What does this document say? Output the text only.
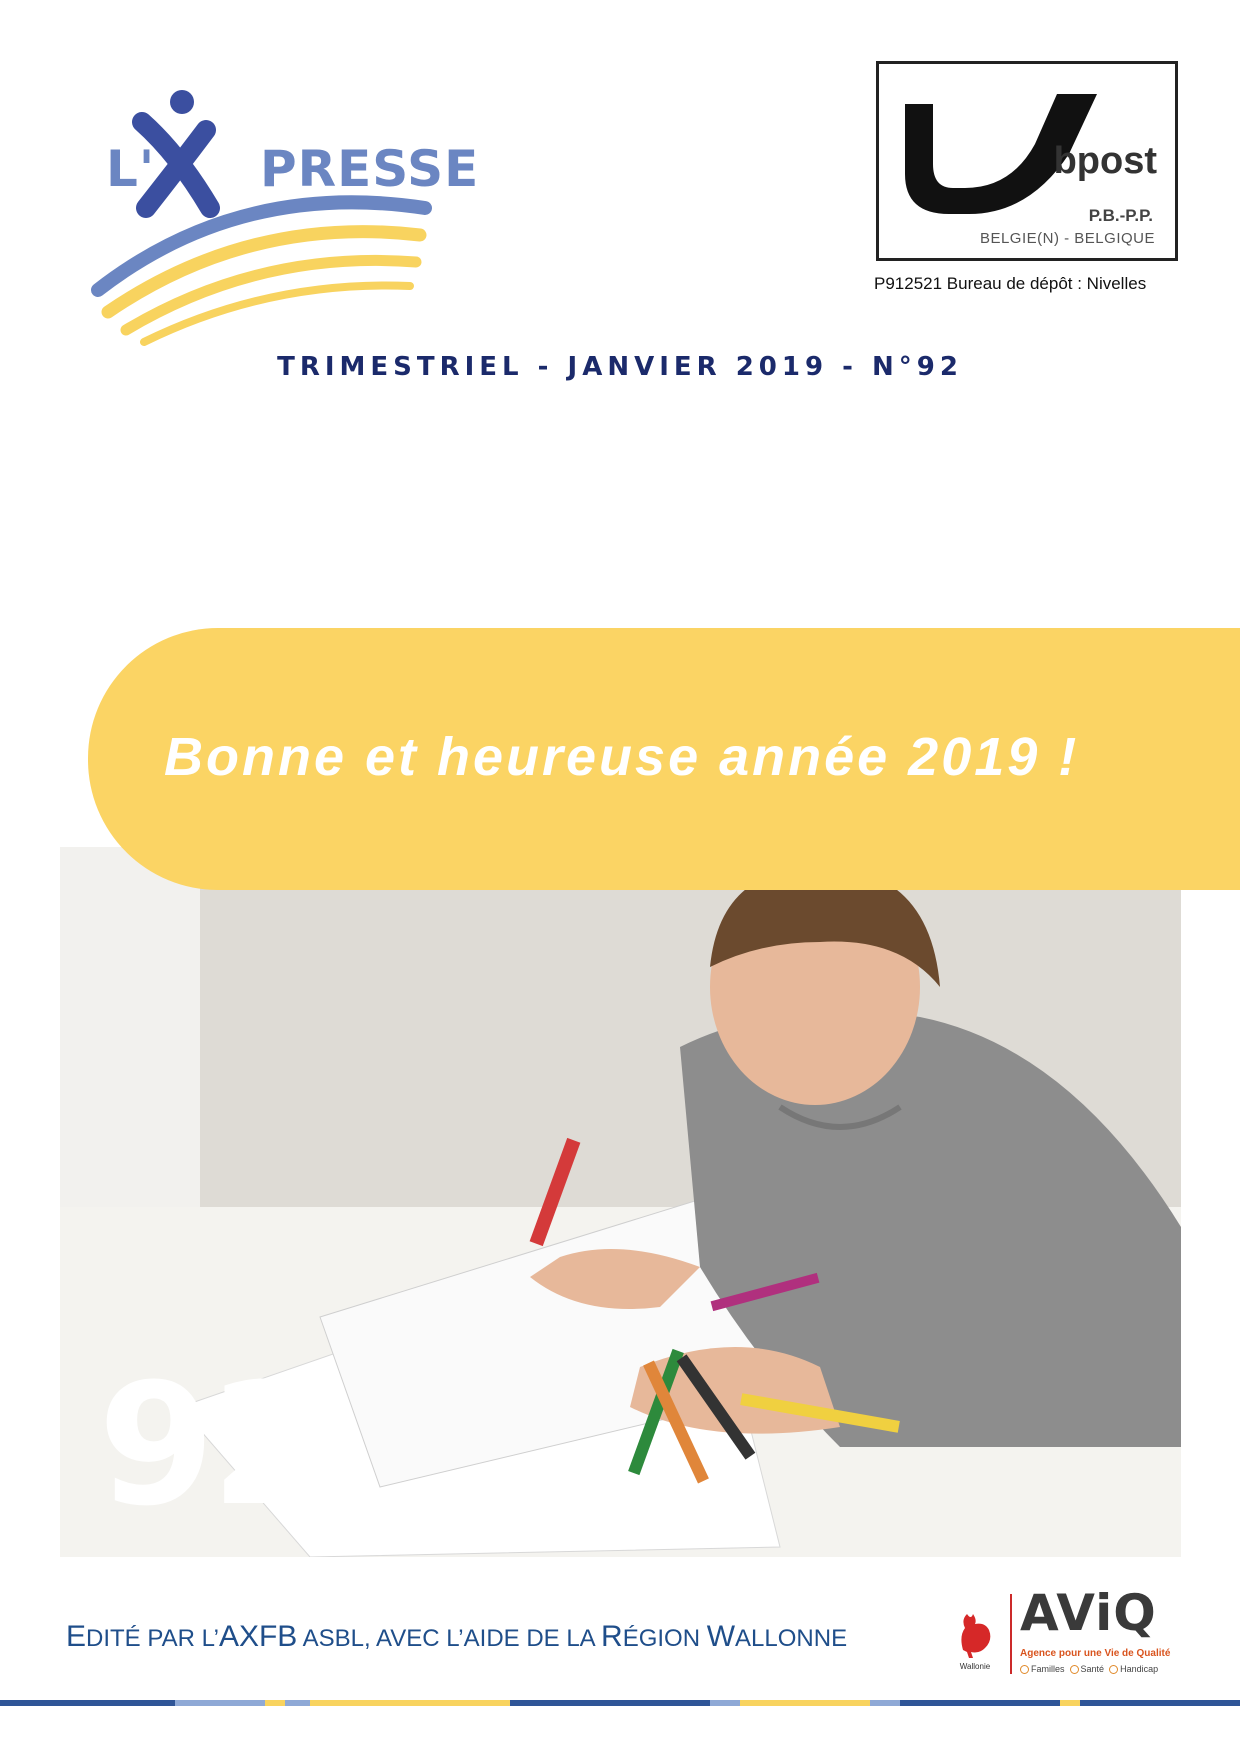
L' PRESSE	bpost
P.B.-P.P.
BELGIE(N) - BELGIQUE
P912521 Bureau de dépôt : Nivelles
TRIMESTRIEL - JANVIER 2019 - N°92
92
Bonne et heureuse année 2019 !
EDITÉ PAR L’AXFB ASBL, AVEC L’AIDE DE LA RÉGION WALLONNE
Wallonie
AViQ
Agence pour une Vie de Qualité
Familles Santé Handicap
